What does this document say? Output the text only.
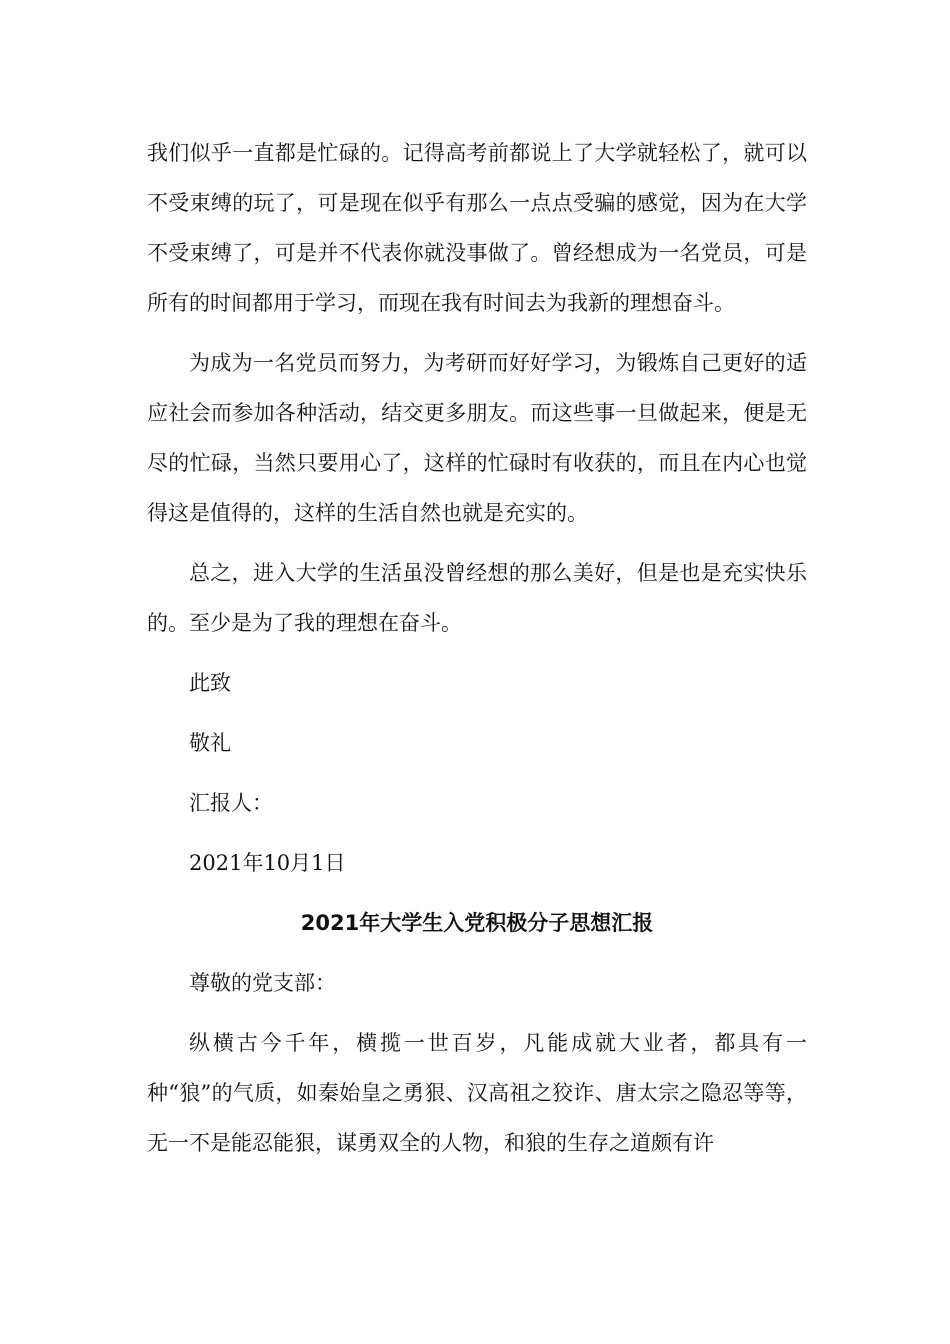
我们似乎一直都是忙碌的。记得高考前都说上了大学就轻松了，就可以不受束缚的玩了，可是现在似乎有那么一点点受骗的感觉，因为在大学不受束缚了，可是并不代表你就没事做了。曾经想成为一名党员，可是所有的时间都用于学习，而现在我有时间去为我新的理想奋斗。

为成为一名党员而努力，为考研而好好学习，为锻炼自己更好的适应社会而参加各种活动，结交更多朋友。而这些事一旦做起来，便是无尽的忙碌，当然只要用心了，这样的忙碌时有收获的，而且在内心也觉得这是值得的，这样的生活自然也就是充实的。

总之，进入大学的生活虽没曾经想的那么美好，但是也是充实快乐的。至少是为了我的理想在奋斗。

此致

敬礼

汇报人：

2021年10月1日

2021年大学生入党积极分子思想汇报

尊敬的党支部：

纵横古今千年，横揽一世百岁，凡能成就大业者，都具有一种“狼”的气质，如秦始皇之勇狠、汉高祖之狡诈、唐太宗之隐忍等等，无一不是能忍能狠，谋勇双全的人物，和狼的生存之道颇有许
